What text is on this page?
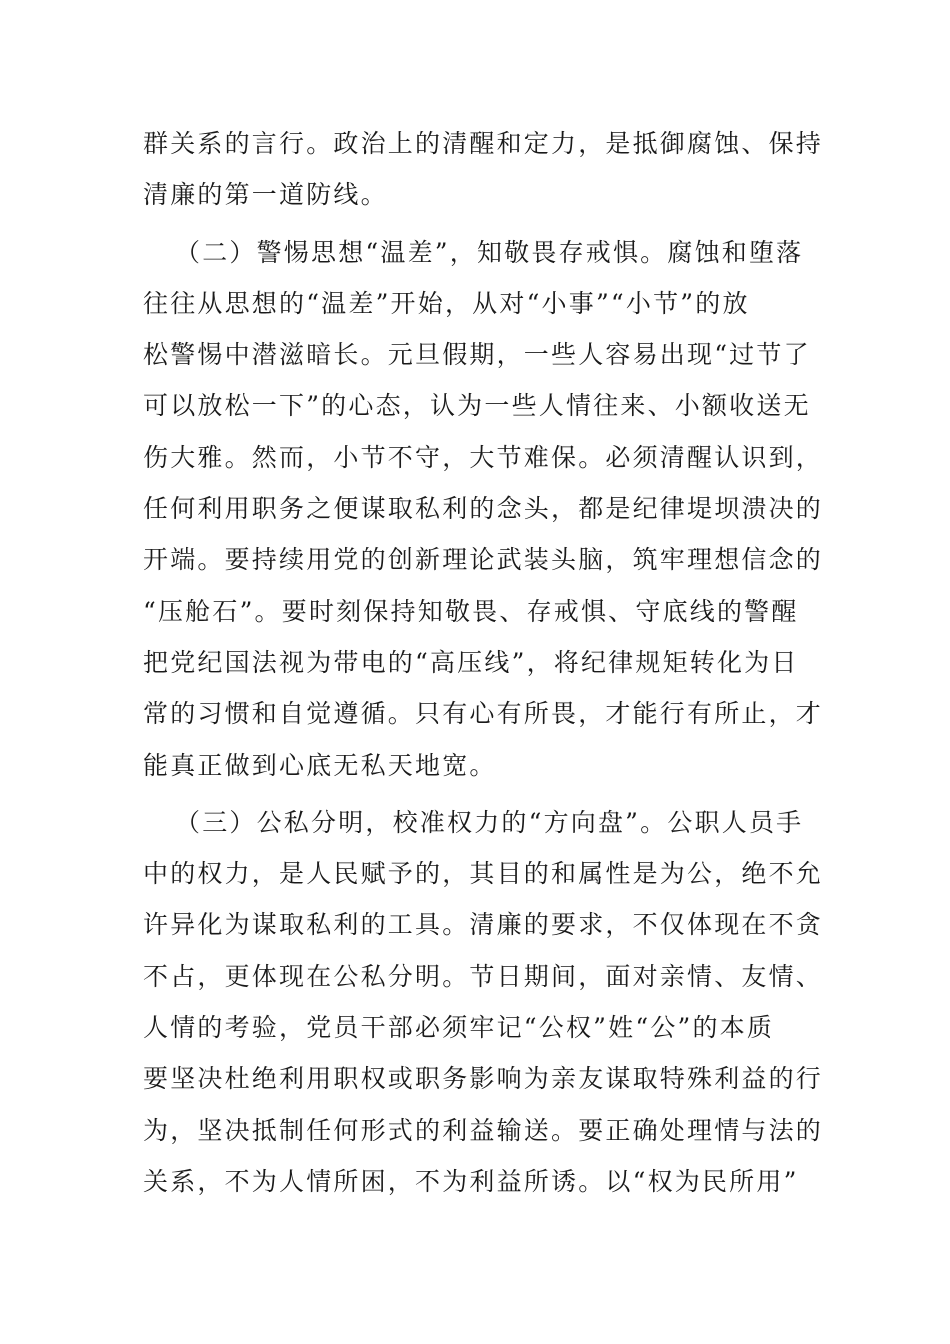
群关系的言行。政治上的清醒和定力，是抵御腐蚀、保持
清廉的第一道防线。
（二）警惕思想“温差”，知敬畏存戒惧。腐蚀和堕落
往往从思想的“温差”开始，从对“小事”“小节”的放
松警惕中潜滋暗长。元旦假期，一些人容易出现“过节了
可以放松一下”的心态，认为一些人情往来、小额收送无
伤大雅。然而，小节不守，大节难保。必须清醒认识到，
任何利用职务之便谋取私利的念头，都是纪律堤坝溃决的
开端。要持续用党的创新理论武装头脑，筑牢理想信念的
“压舱石”。要时刻保持知敬畏、存戒惧、守底线的警醒
把党纪国法视为带电的“高压线”，将纪律规矩转化为日
常的习惯和自觉遵循。只有心有所畏，才能行有所止，才
能真正做到心底无私天地宽。
（三）公私分明，校准权力的“方向盘”。公职人员手
中的权力，是人民赋予的，其目的和属性是为公，绝不允
许异化为谋取私利的工具。清廉的要求，不仅体现在不贪
不占，更体现在公私分明。节日期间，面对亲情、友情、
人情的考验，党员干部必须牢记“公权”姓“公”的本质
要坚决杜绝利用职权或职务影响为亲友谋取特殊利益的行
为，坚决抵制任何形式的利益输送。要正确处理情与法的
关系，不为人情所困，不为利益所诱。以“权为民所用”
